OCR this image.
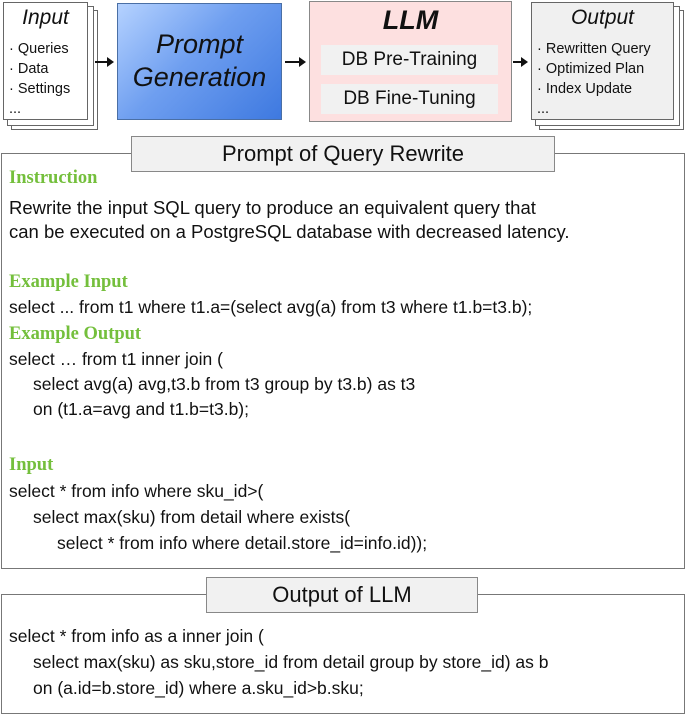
Input
· Queries
· Data
· Settings
...
Prompt
Generation
LLM
DB Pre-Training
DB Fine-Tuning
Output
· Rewritten Query
· Optimized Plan
· Index Update
...
Prompt of Query Rewrite
Instruction
Rewrite the input SQL query to produce an equivalent query that
can be executed on a PostgreSQL database with decreased latency.
Example Input
select ... from t1 where t1.a=(select avg(a) from t3 where t1.b=t3.b);
Example Output
select … from t1 inner join (
select avg(a) avg,t3.b from t3 group by t3.b) as t3
on (t1.a=avg and t1.b=t3.b);
Input
select * from info where sku_id>(
select max(sku) from detail where exists(
select * from info where detail.store_id=info.id));
Output of LLM
select * from info as a inner join (
select max(sku) as sku,store_id from detail group by store_id) as b
on (a.id=b.store_id) where a.sku_id>b.sku;
